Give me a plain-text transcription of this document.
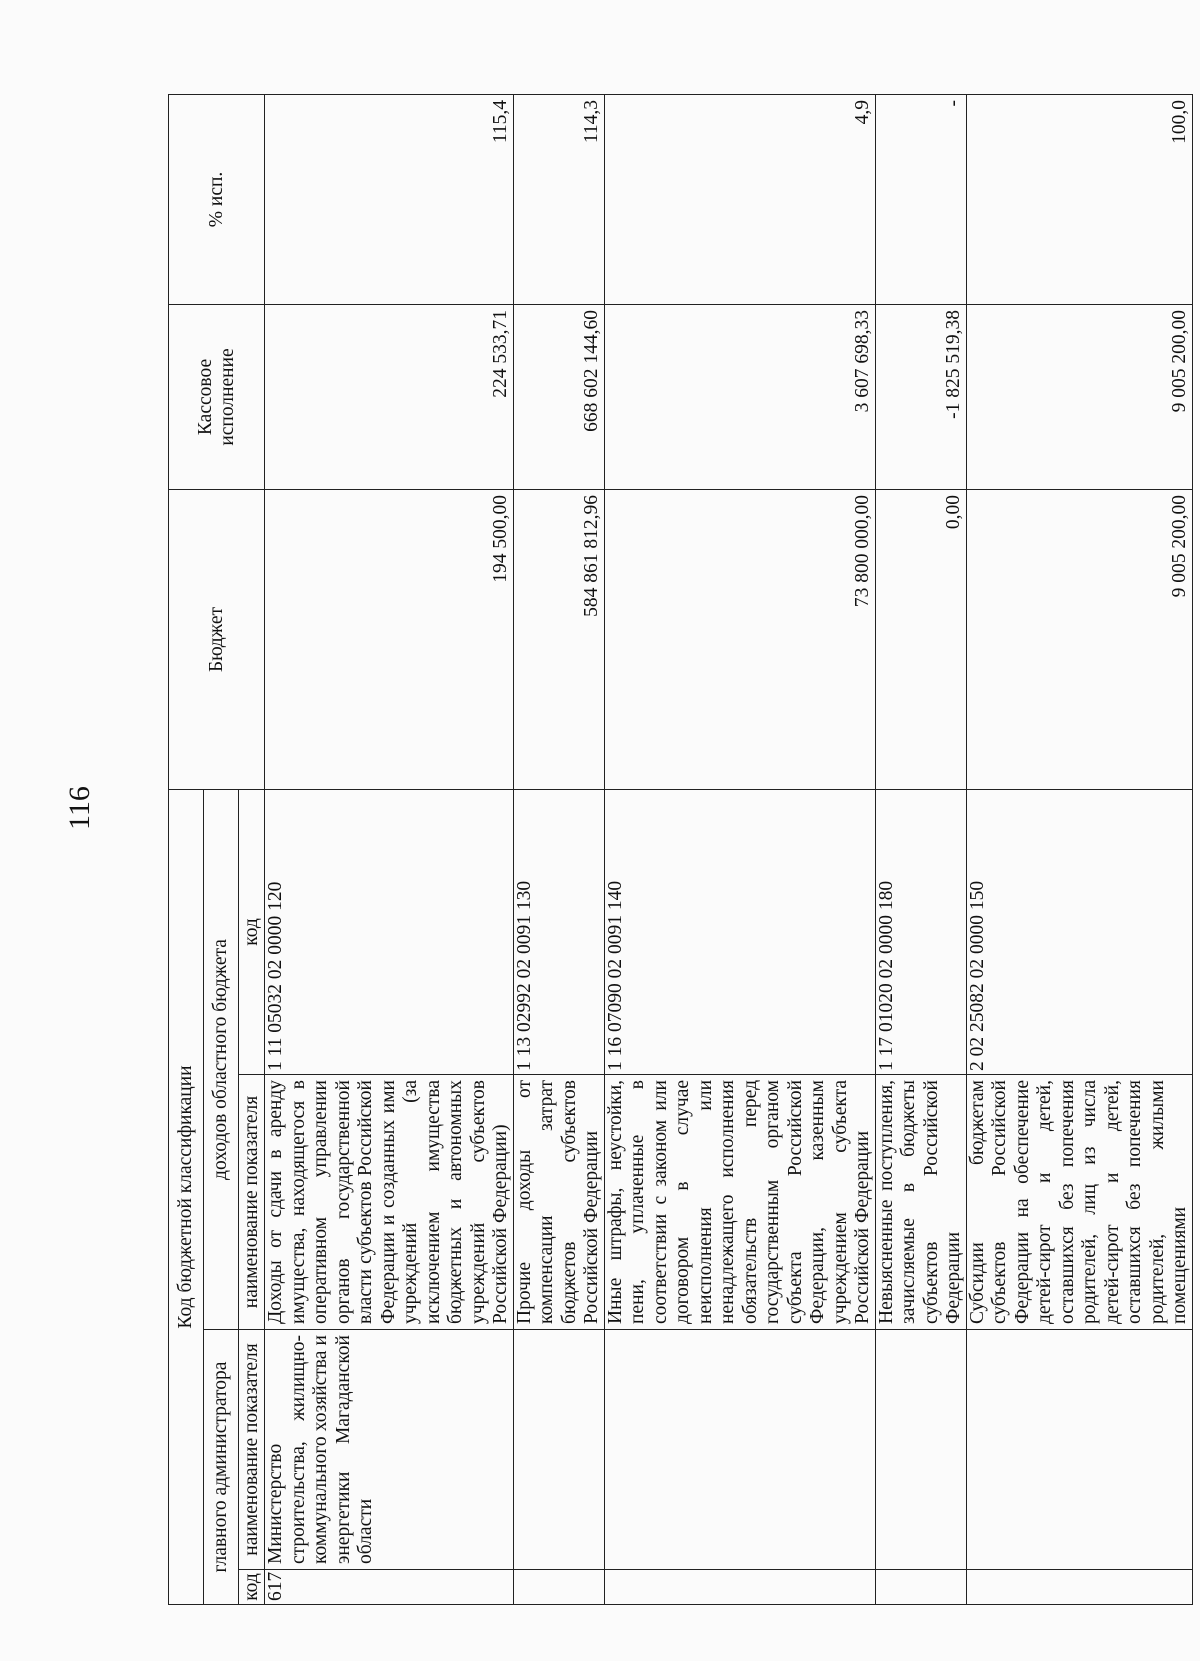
116
Код бюджетной классификации				Бюджет	Кассовое исполнение	% исп.
главного администратора		доходов областного бюджета				
код	наименование показателя	наименование показателя	код			
617	Министерство строительства, жилищно-коммунального хозяйства и энергетики Магаданской области	Доходы от сдачи в аренду имущества, находящегося в оперативном управлении органов государственной власти субъектов Российской Федерации и созданных ими учреждений (за исключением имущества бюджетных и автономных учреждений субъектов Российской Федерации)	1 11 05032 02 0000 120	194 500,00	224 533,71	115,4
		Прочие доходы от компенсации затрат бюджетов субъектов Российской Федерации	1 13 02992 02 0091 130	584 861 812,96	668 602 144,60	114,3
		Иные штрафы, неустойки, пени, уплаченные в соответствии с законом или договором в случае неисполнения или ненадлежащего исполнения обязательств перед государственным органом субъекта Российской Федерации, казенным учреждением субъекта Российской Федерации	1 16 07090 02 0091 140	73 800 000,00	3 607 698,33	4,9
		Невыясненные поступления, зачисляемые в бюджеты субъектов Российской Федерации	1 17 01020 02 0000 180	0,00	-1 825 519,38	-
		Субсидии бюджетам субъектов Российской Федерации на обеспечение детей-сирот и детей, оставшихся без попечения родителей, лиц из числа детей-сирот и детей, оставшихся без попечения родителей, жилыми помещениями	2 02 25082 02 0000 150	9 005 200,00	9 005 200,00	100,0
